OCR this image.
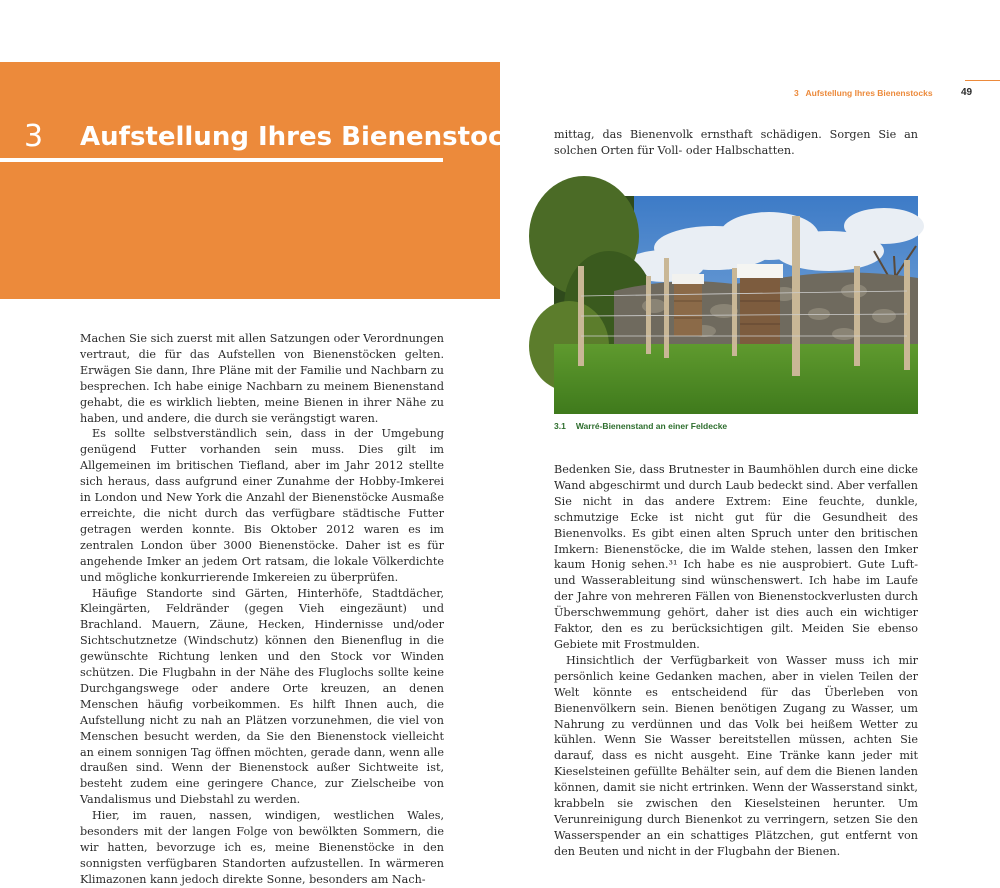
3 Aufstellung Ihres Bienenstocks
3   Aufstellung Ihres Bienenstocks	49

Machen Sie sich zuerst mit allen Satzungen oder Verordnungen vertraut, die für das Aufstellen von Bienenstöcken gelten. Erwägen Sie dann, Ihre Pläne mit der Familie und Nachbarn zu besprechen. Ich habe einige Nachbarn zu meinem Bienenstand gehabt, die es wirklich liebten, meine Bienen in ihrer Nähe zu haben, und andere, die durch sie verängstigt waren.

Es sollte selbstverständlich sein, dass in der Umgebung genügend Futter vorhanden sein muss. Dies gilt im Allgemeinen im britischen Tiefland, aber im Jahr 2012 stellte sich heraus, dass aufgrund einer Zunahme der Hobby-Imkerei in London und New York die Anzahl der Bienenstöcke Ausmaße erreichte, die nicht durch das verfügbare städtische Futter getragen werden konnte. Bis Oktober 2012 waren es im zentralen London über 3000 Bienenstöcke. Daher ist es für angehende Imker an jedem Ort ratsam, die lokale Völkerdichte und mögliche konkurrierende Imkereien zu überprüfen.

Häufige Standorte sind Gärten, Hinterhöfe, Stadtdächer, Kleingärten, Feldränder (gegen Vieh eingezäunt) und Brachland. Mauern, Zäune, Hecken, Hindernisse und/oder Sichtschutznetze (Windschutz) können den Bienenflug in die gewünschte Richtung lenken und den Stock vor Winden schützen. Die Flugbahn in der Nähe des Fluglochs sollte keine Durchgangswege oder andere Orte kreuzen, an denen Menschen häufig vorbeikommen. Es hilft Ihnen auch, die Aufstellung nicht zu nah an Plätzen vorzunehmen, die viel von Menschen besucht werden, da Sie den Bienenstock vielleicht an einem sonnigen Tag öffnen möchten, gerade dann, wenn alle draußen sind. Wenn der Bienenstock außer Sichtweite ist, besteht zudem eine geringere Chance, zur Zielscheibe von Vandalismus und Diebstahl zu werden.

Hier, im rauen, nassen, windigen, westlichen Wales, besonders mit der langen Folge von bewölkten Sommern, die wir hatten, bevorzuge ich es, meine Bienenstöcke in den sonnigsten verfügbaren Standorten aufzustellen. In wärmeren Klimazonen kann jedoch direkte Sonne, besonders am Nach-

mittag, das Bienenvolk ernsthaft schädigen. Sorgen Sie an solchen Orten für Voll- oder Halbschatten.

3.1 Warré-Bienenstand an einer Feldecke

Bedenken Sie, dass Brutnester in Baumhöhlen durch eine dicke Wand abgeschirmt und durch Laub bedeckt sind. Aber verfallen Sie nicht in das andere Extrem: Eine feuchte, dunkle, schmutzige Ecke ist nicht gut für die Gesundheit des Bienenvolks. Es gibt einen alten Spruch unter den britischen Imkern: Bienenstöcke, die im Walde stehen, lassen den Imker kaum Honig sehen.³¹ Ich habe es nie ausprobiert. Gute Luft- und Wasserableitung sind wünschenswert. Ich habe im Laufe der Jahre von mehreren Fällen von Bienenstockverlusten durch Überschwemmung gehört, daher ist dies auch ein wichtiger Faktor, den es zu berücksichtigen gilt. Meiden Sie ebenso Gebiete mit Frostmulden.

Hinsichtlich der Verfügbarkeit von Wasser muss ich mir persönlich keine Gedanken machen, aber in vielen Teilen der Welt könnte es entscheidend für das Überleben von Bienenvölkern sein. Bienen benötigen Zugang zu Wasser, um Nahrung zu verdünnen und das Volk bei heißem Wetter zu kühlen. Wenn Sie Wasser bereitstellen müssen, achten Sie darauf, dass es nicht ausgeht. Eine Tränke kann jeder mit Kieselsteinen gefüllte Behälter sein, auf dem die Bienen landen können, damit sie nicht ertrinken. Wenn der Wasserstand sinkt, krabbeln sie zwischen den Kieselsteinen herunter. Um Verunreinigung durch Bienenkot zu verringern, setzen Sie den Wasserspender an ein schattiges Plätzchen, gut entfernt von den Beuten und nicht in der Flugbahn der Bienen.
